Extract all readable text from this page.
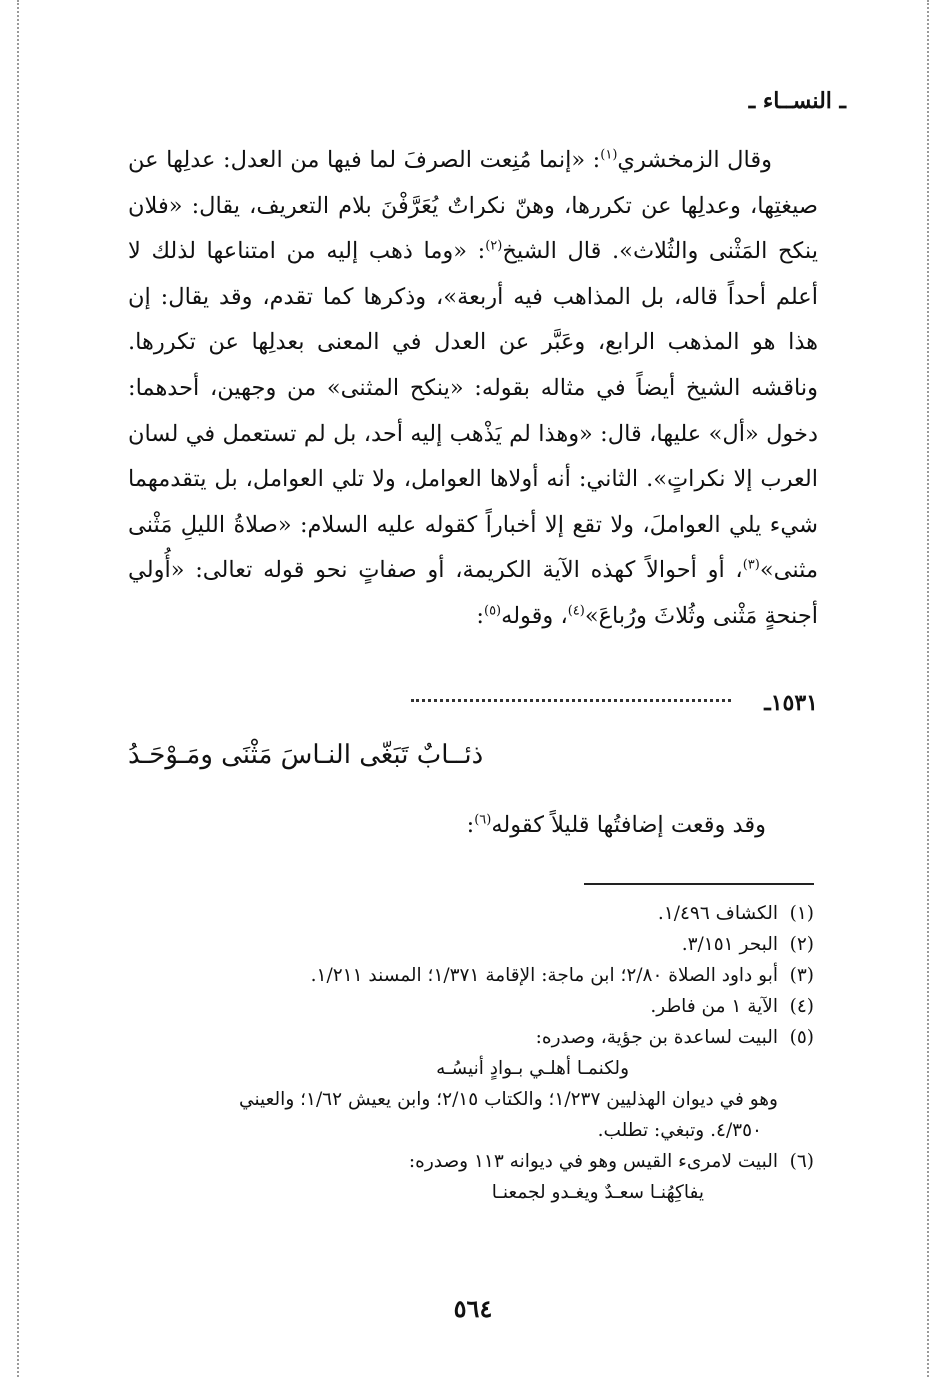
ـ النســاء ـ

وقال الزمخشري$^{(١)}$: «إنما مُنِعت الصرفَ لما فيها من العدل: عدلِها عن صيغتِها، وعدلِها عن تكررها، وهنّ نكراتٌ يُعَرَّفْنَ بلام التعريف، يقال: «فلان ينكح المَثْنى والثُلاث». قال الشيخ$^{(٢)}$: «وما ذهب إليه من امتناعها لذلك لا أعلم أحداً قاله، بل المذاهب فيه أربعة»، وذكرها كما تقدم، وقد يقال: إن هذا هو المذهب الرابع، وعَبَّر عن العدل في المعنى بعدلِها عن تكررها. وناقشه الشيخ أيضاً في مثاله بقوله: «ينكح المثنى» من وجهين، أحدهما: دخول «أل» عليها، قال: «وهذا لم يَذْهب إليه أحد، بل لم تستعمل في لسان العرب إلا نكراتٍ». الثاني: أنه أولاها العوامل، ولا تلي العوامل، بل يتقدمهما شيء يلي العواملَ، ولا تقع إلا أخباراً كقوله عليه السلام: «صلاةُ الليلِ مَثْنى مثنى»$^{(٣)}$، أو أحوالاً كهذه الآية الكريمة، أو صفاتٍ نحو قوله تعالى: «أُولي أجنحةٍ مَثْنى وثُلاثَ ورُباعَ»$^{(٤)}$، وقوله$^{(٥)}$:

١٥٣١ـ
ذئــابٌ تَبَغّى النـاسَ مَثْنَى ومَـوْحَـدُ
وقد وقعت إضافتُها قليلاً كقوله$^{(٦)}$:

(١)الكشاف ١/٤٩٦.

(٢)البحر ٣/١٥١.

(٣)أبو داود الصلاة ٢/٨٠؛ ابن ماجة: الإقامة ١/٣٧١؛ المسند ١/٢١١.

(٤)الآية ١ من فاطر.

(٥)البيت لساعدة بن جؤية، وصدره:

ولكنمـا أهلـي بـوادٍ أنيسُـه

وهو في ديوان الهذليين ١/٢٣٧؛ والكتاب ٢/١٥؛ وابن يعيش ١/٦٢؛ والعيني

٤/٣٥٠. وتبغي: تطلب.

(٦)البيت لامرىء القيس وهو في ديوانه ١١٣ وصدره:

يفاكِهُنـا سعـدٌ ويغـدو لجمعنـا

٥٦٤
